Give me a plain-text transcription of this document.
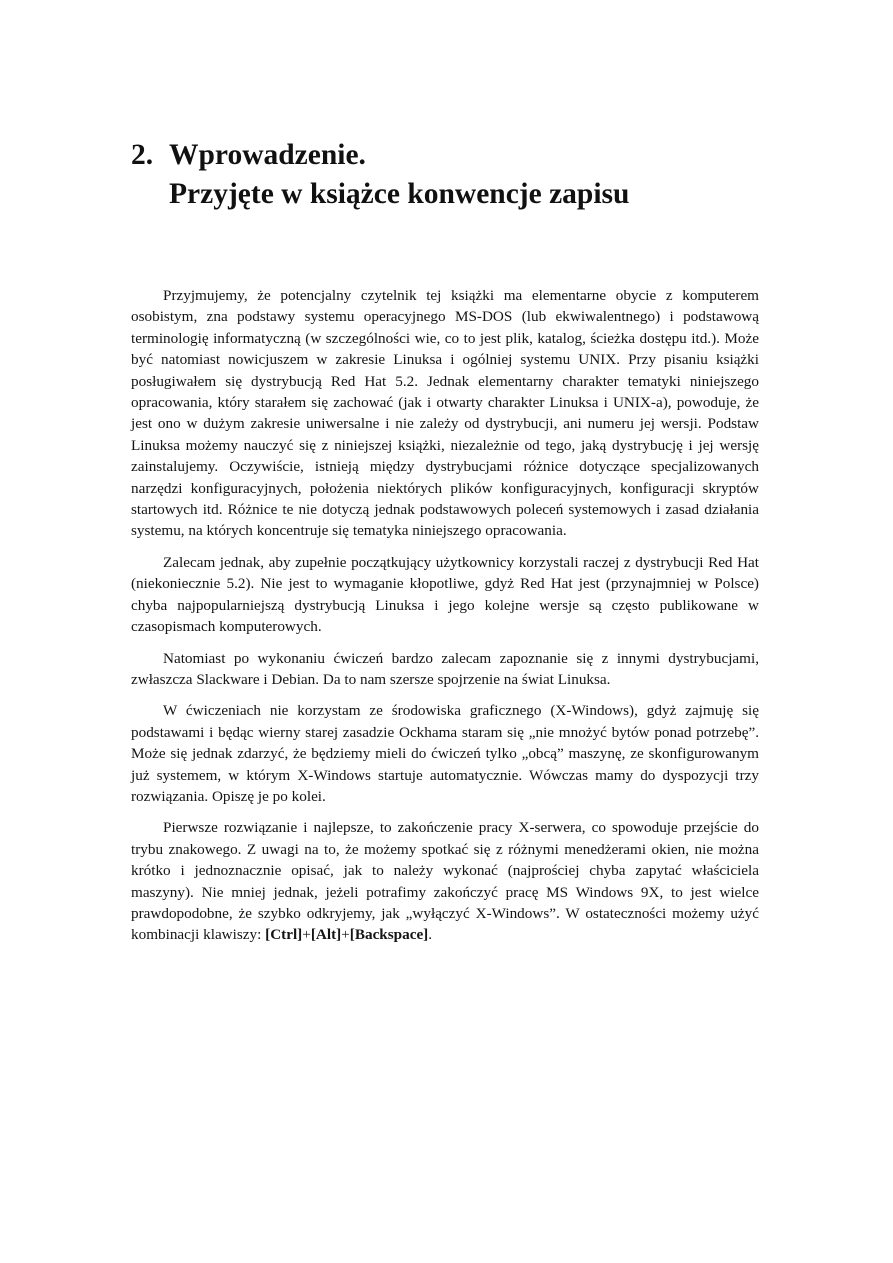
2. Wprowadzenie.
Przyjęte w książce konwencje zapisu

Przyjmujemy, że potencjalny czytelnik tej książki ma elementarne obycie z komputerem osobistym, zna podstawy systemu operacyjnego MS-DOS (lub ekwiwalentnego) i podstawową terminologię informatyczną (w szczególności wie, co to jest plik, katalog, ścieżka dostępu itd.). Może być natomiast nowicjuszem w zakresie Linuksa i ogólniej systemu UNIX. Przy pisaniu książki posługiwałem się dystrybucją Red Hat 5.2. Jednak elementarny charakter tematyki niniejszego opracowania, który starałem się zachować (jak i otwarty charakter Linuksa i UNIX-a), powoduje, że jest ono w dużym zakresie uniwersalne i nie zależy od dystrybucji, ani numeru jej wersji. Podstaw Linuksa możemy nauczyć się z niniejszej książki, niezależnie od tego, jaką dystrybucję i jej wersję zainstalujemy. Oczywiście, istnieją między dystrybucjami różnice dotyczące specjalizowanych narzędzi konfiguracyjnych, położenia niektórych plików konfiguracyjnych, konfiguracji skryptów startowych itd. Różnice te nie dotyczą jednak podstawowych poleceń systemowych i zasad działania systemu, na których koncentruje się tematyka niniejszego opracowania.

Zalecam jednak, aby zupełnie początkujący użytkownicy korzystali raczej z dystrybucji Red Hat (niekoniecznie 5.2). Nie jest to wymaganie kłopotliwe, gdyż Red Hat jest (przynajmniej w Polsce) chyba najpopularniejszą dystrybucją Linuksa i jego kolejne wersje są często publikowane w czasopismach komputerowych.

Natomiast po wykonaniu ćwiczeń bardzo zalecam zapoznanie się z innymi dystrybucjami, zwłaszcza Slackware i Debian. Da to nam szersze spojrzenie na świat Linuksa.

W ćwiczeniach nie korzystam ze środowiska graficznego (X-Windows), gdyż zajmuję się podstawami i będąc wierny starej zasadzie Ockhama staram się „nie mnożyć bytów ponad potrzebę”. Może się jednak zdarzyć, że będziemy mieli do ćwiczeń tylko „obcą” maszynę, ze skonfigurowanym już systemem, w którym X-Windows startuje automatycznie. Wówczas mamy do dyspozycji trzy rozwiązania. Opiszę je po kolei.

Pierwsze rozwiązanie i najlepsze, to zakończenie pracy X-serwera, co spowoduje przejście do trybu znakowego. Z uwagi na to, że możemy spotkać się z różnymi menedżerami okien, nie można krótko i jednoznacznie opisać, jak to należy wykonać (najprościej chyba zapytać właściciela maszyny). Nie mniej jednak, jeżeli potrafimy zakończyć pracę MS Windows 9X, to jest wielce prawdopodobne, że szybko odkryjemy, jak „wyłączyć X-Windows”. W ostateczności możemy użyć kombinacji klawiszy: [Ctrl]+[Alt]+[Backspace].
